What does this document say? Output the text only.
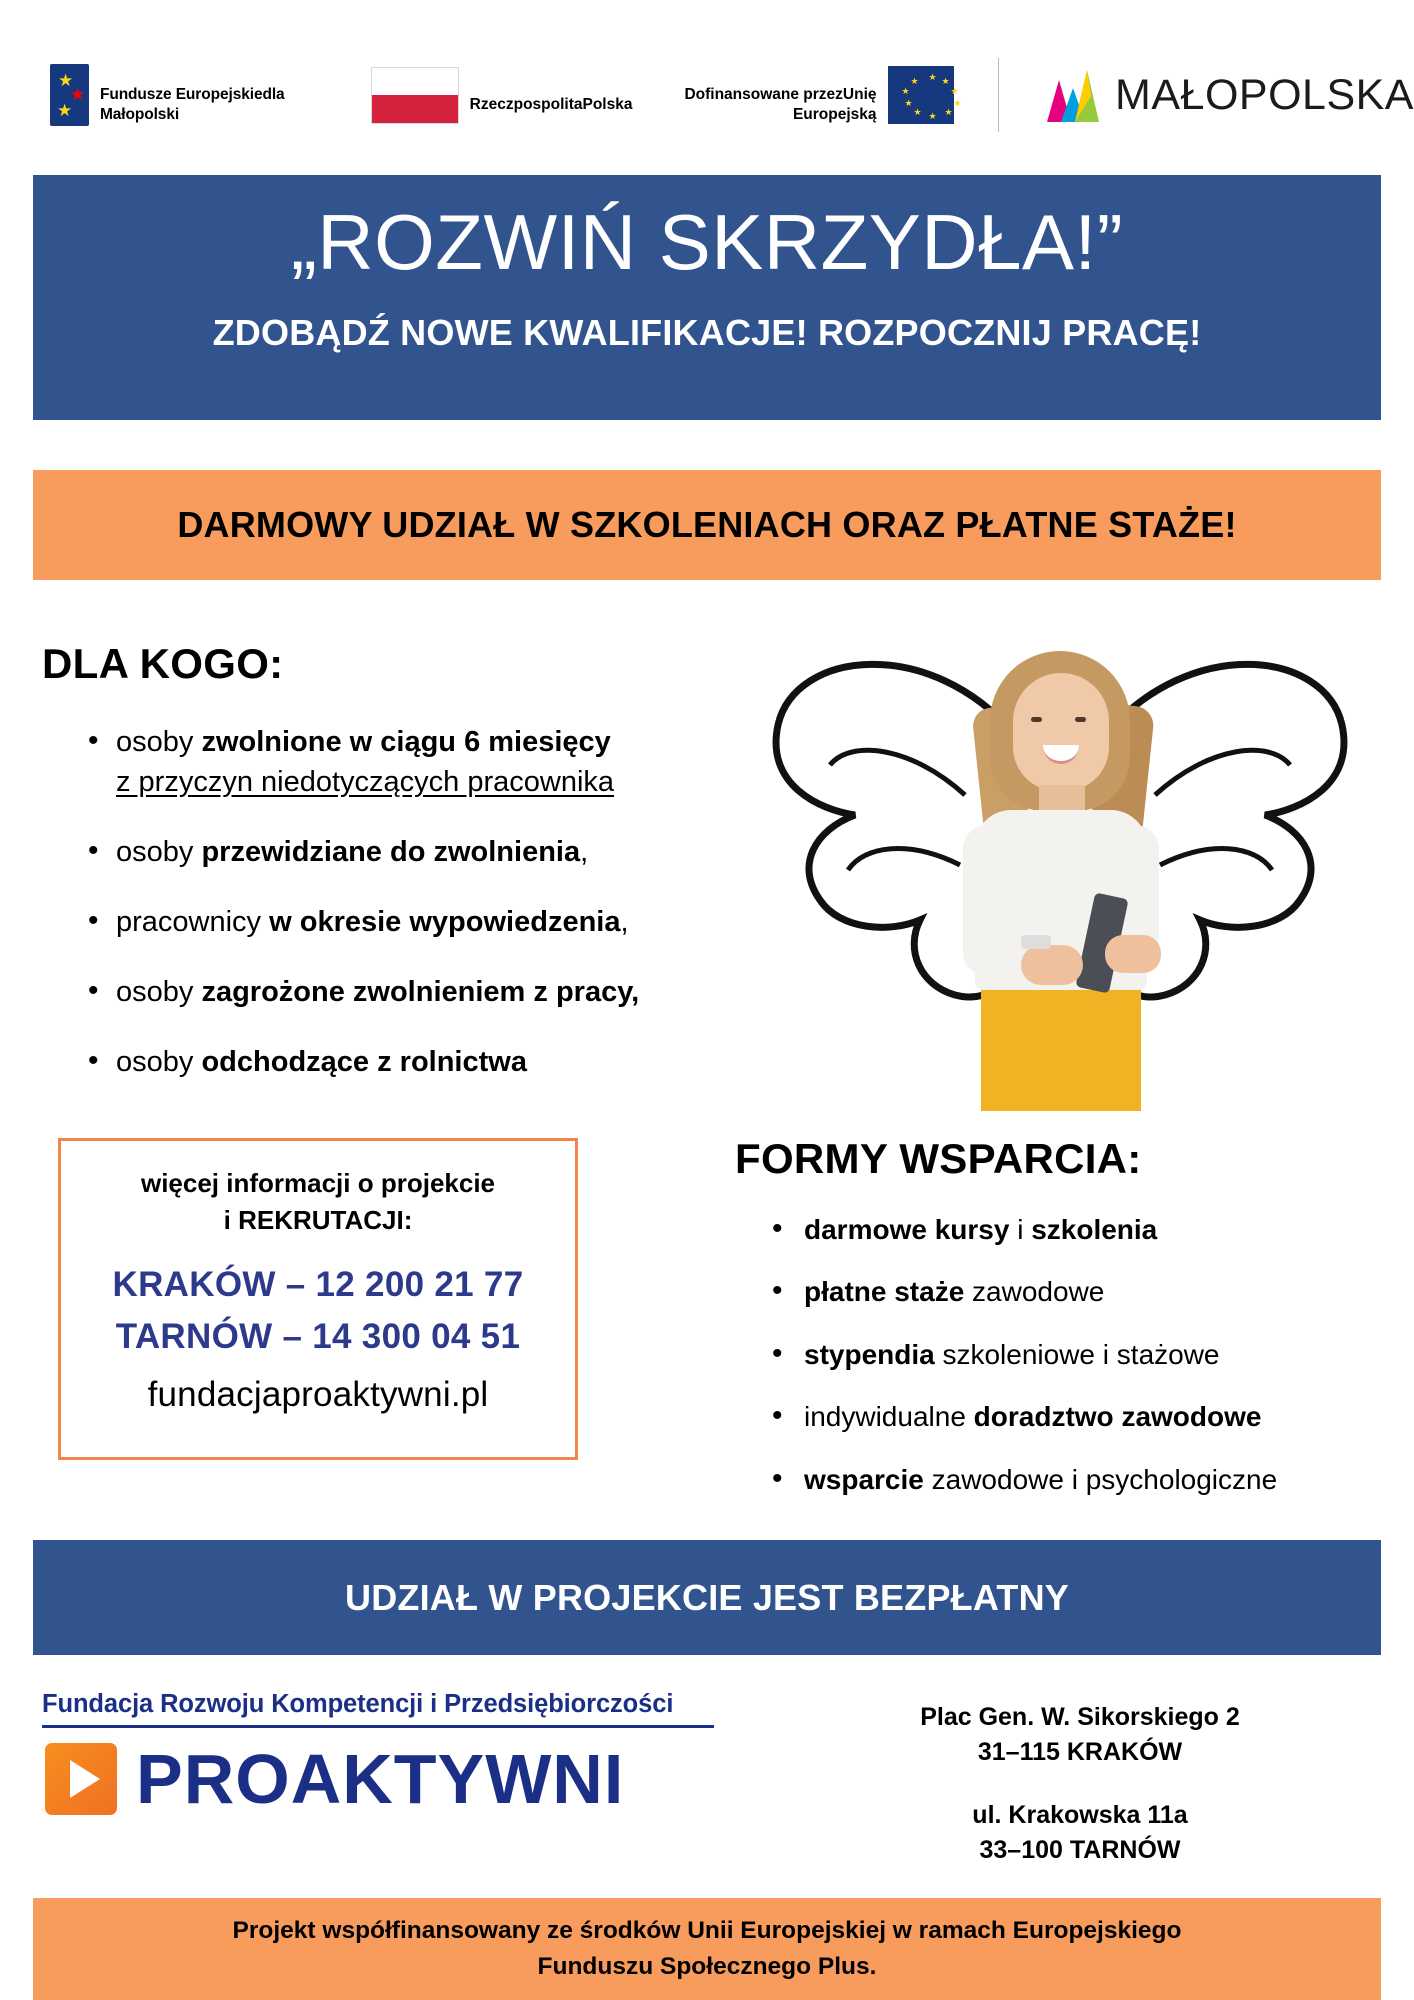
★
★
★

Fundusze Europejskiedla Małopolski

RzeczpospolitaPolska

Dofinansowane przezUnię Europejską

★ ★
★
★
★
★
★
★
★
★	MAŁOPOLSKA
„ROZWIŃ SKRZYDŁA!”
ZDOBĄDŹ NOWE KWALIFIKACJE! ROZPOCZNIJ PRACĘ!
DARMOWY UDZIAŁ W SZKOLENIACH ORAZ PŁATNE STAŻE!
DLA KOGO:
• osoby zwolnione w ciągu 6 miesięcy
z przyczyn niedotyczących pracownika
• osoby przewidziane do zwolnienia,
• pracownicy w okresie wypowiedzenia,
• osoby zagrożone zwolnieniem z pracy,
• osoby odchodzące z rolnictwa
więcej informacji o projekcie
i REKRUTACJI:
KRAKÓW – 12 200 21 77
TARNÓW – 14 300 04 51
fundacjaproaktywni.pl
FORMY WSPARCIA:
• darmowe kursy i szkolenia
• płatne staże zawodowe
• stypendia szkoleniowe i stażowe
• indywidualne doradztwo zawodowe
• wsparcie zawodowe i psychologiczne
UDZIAŁ W PROJEKCIE JEST BEZPŁATNY
Fundacja Rozwoju Kompetencji i Przedsiębiorczości
PROAKTYWNI
Plac Gen. W. Sikorskiego 2
31–115 KRAKÓW
ul. Krakowska 11a
33–100 TARNÓW
Projekt współfinansowany ze środków Unii Europejskiej w ramach Europejskiego
Funduszu Społecznego Plus.
